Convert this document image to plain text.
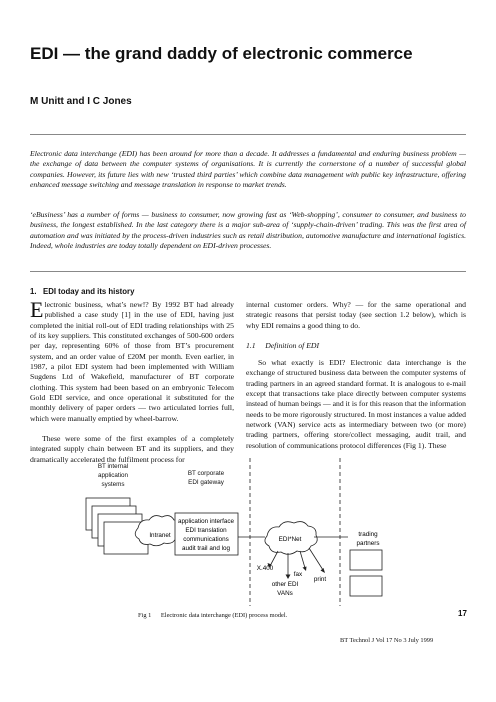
EDI — the grand daddy of electronic commerce
M Unitt and I C Jones

Electronic data interchange (EDI) has been around for more than a decade. It addresses a fundamental and enduring business problem — the exchange of data between the computer systems of organisations. It is currently the cornerstone of a number of successful global companies. However, its future lies with new ‘trusted third parties’ which combine data management with public key infrastructure, offering enhanced message switching and message translation in response to market trends.

‘eBusiness’ has a number of forms — business to consumer, now growing fast as ‘Web-shopping’, consumer to consumer, and business to business, the longest established. In the last category there is a major sub-area of ‘supply-chain-driven’ trading. This was the first area of automation and was initiated by the process-driven industries such as retail distribution, automotive manufacture and international logistics. Indeed, whole industries are today totally dependent on EDI-driven processes.

1.   EDI today and its history

Electronic business, what’s new!? By 1992 BT had already published a case study [1] in the use of EDI, having just completed the initial roll-out of EDI trading relationships with 25 of its key suppliers. This constituted exchanges of 500-600 orders per day, representing 60% of those from BT’s procurement system, and an order value of £20M per month. Even earlier, in 1987, a pilot EDI system had been implemented with William Sugdens Ltd of Wakefield, manufacturer of BT corporate clothing. This system had been based on an embryonic Telecom Gold EDI service, and once operational it substituted for the monthly delivery of paper orders — two articulated lorries full, which were manually emptied by wheel-barrow.

These were some of the first examples of a completely integrated supply chain between BT and its suppliers, and they dramatically accelerated the fulfilment process for

internal customer orders. Why? — for the same operational and strategic reasons that persist today (see section 1.2 below), which is why EDI remains a good thing to do.

1.1     Definition of EDI

So what exactly is EDI? Electronic data interchange is the exchange of structured business data between the computer systems of trading partners in an agreed standard format. It is analogous to e-mail except that transactions take place directly between computer systems instead of human beings — and it is for this reason that the information needs to be more rigorously structured. In most instances a value added network (VAN) service acts as intermediary between two (or more) trading partners, offering store/collect messaging, audit trail, and resolution of communications protocol differences (Fig 1). These

BT internal
application
systems
BT corporate
EDI gateway
Intranet
application interface
EDI translation
communications
audit trail and log
EDI*Net
X.400
fax
print
other EDI
VANs
trading
partners
Fig 1      Electronic data interchange (EDI) process model.	17
BT Technol J Vol 17 No 3 July 1999
